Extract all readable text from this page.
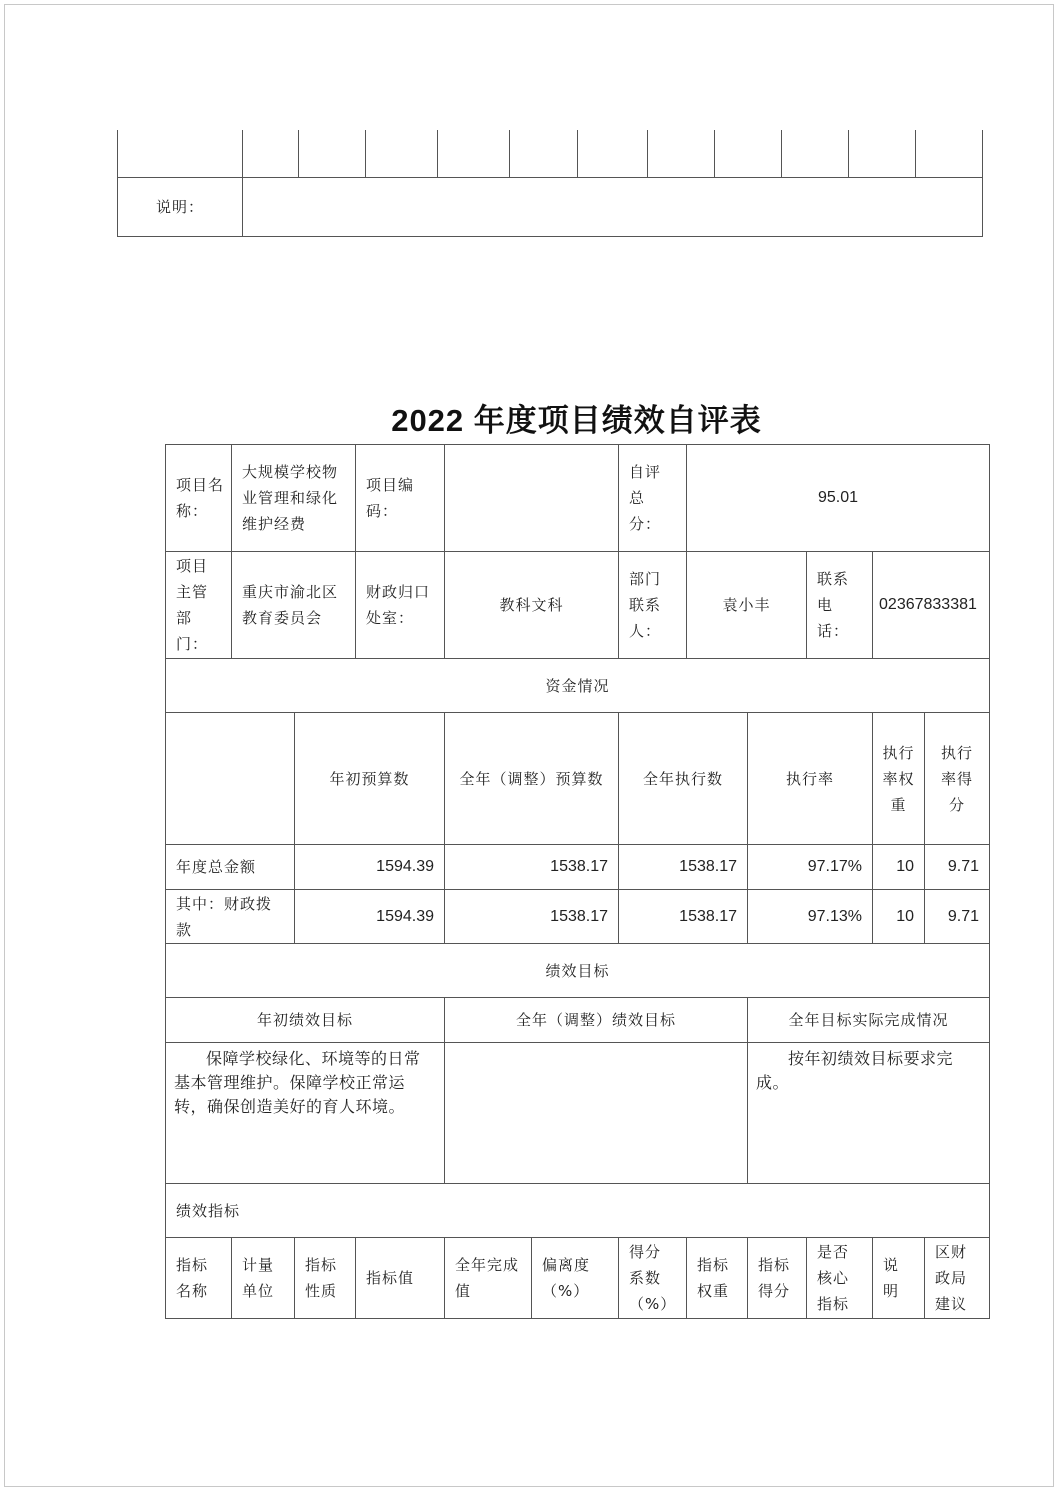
说明：											
2022 年度项目绩效自评表
项目名称：	大规模学校物业管理和绿化维护经费		项目编码：			自评总分：	95.01				
项目主管部门：	重庆市渝北区教育委员会		财政归口处室：	教科文科		部门联系人：	袁小丰		联系电话：	02367833381	
资金情况											
		年初预算数		全年（调整）预算数		全年执行数		执行率		执行率权重	执行率得分
年度总金额		1594.39		1538.17		1538.17		97.17%		10	9.71
其中：财政拨款		1594.39		1538.17		1538.17		97.13%		10	9.71
绩效目标											
年初绩效目标				全年（调整）绩效目标				全年目标实际完成情况			
保障学校绿化、环境等的日常基本管理维护。保障学校正常运转，确保创造美好的育人环境。								按年初绩效目标要求完成。			
绩效指标											
指标名称	计量单位	指标性质	指标值	全年完成值	偏离度（%）	得分系数（%）	指标权重	指标得分	是否核心指标	说明	区财政局建议
